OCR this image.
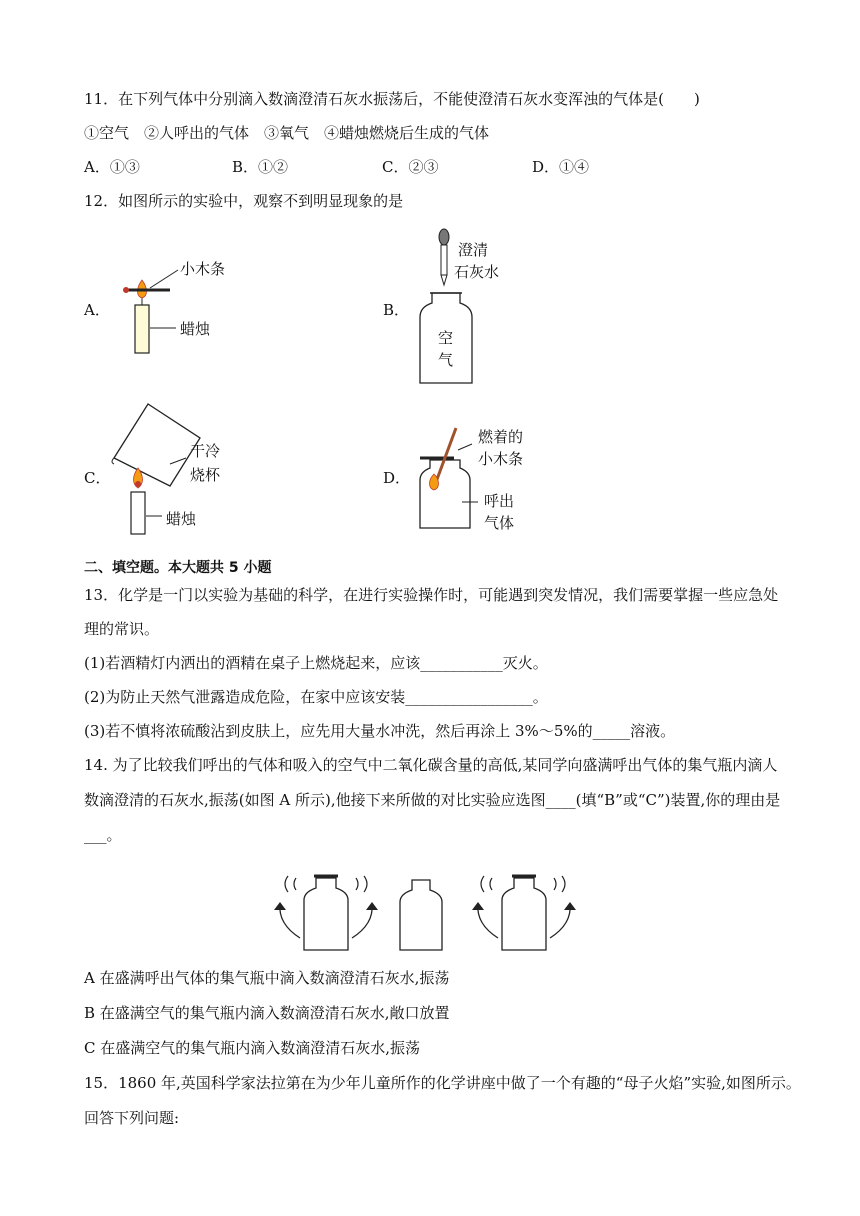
11．在下列气体中分别滴入数滴澄清石灰水振荡后，不能使澄清石灰水变浑浊的气体是(　　)
①空气　②人呼出的气体　③氧气　④蜡烛燃烧后生成的气体
A．①③	B．①②	C．②③	D．①④
12．如图所示的实验中，观察不到明显现象的是
A．	B．
C．	D．
小木条
蜡烛
澄清
石灰水
空
气
干冷
烧杯
蜡烛
燃着的
小木条
呼出
气体
二、填空题。本大题共 5 小题
13．化学是一门以实验为基础的科学，在进行实验操作时，可能遇到突发情况，我们需要掌握一些应急处
理的常识。
(1)若酒精灯内洒出的酒精在桌子上燃烧起来，应该___________灭火。
(2)为防止天然气泄露造成危险，在家中应该安装_________________。
(3)若不慎将浓硫酸沾到皮肤上，应先用大量水冲洗，然后再涂上 3%～5%的_____溶液。
14. 为了比较我们呼出的气体和吸入的空气中二氧化碳含量的高低,某同学向盛满呼出气体的集气瓶内滴人
数滴澄清的石灰水,振荡(如图 A 所示),他接下来所做的对比实验应选图____(填“B”或“C”)装置,你的理由是
___。
A 在盛满呼出气体的集气瓶中滴入数滴澄清石灰水,振荡
B 在盛满空气的集气瓶内滴入数滴澄清石灰水,敞口放置
C 在盛满空气的集气瓶内滴入数滴澄清石灰水,振荡
15．1860 年,英国科学家法拉第在为少年儿童所作的化学讲座中做了一个有趣的“母子火焰”实验,如图所示。
回答下列问题:
